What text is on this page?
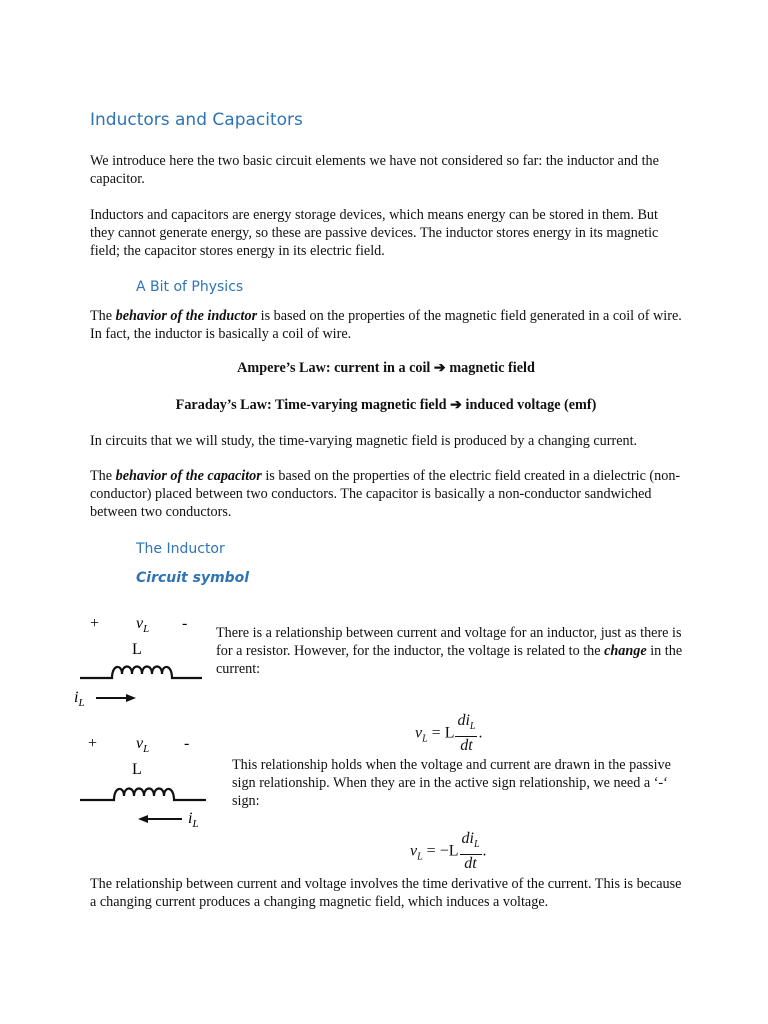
Inductors and Capacitors

We introduce here the two basic circuit elements we have not considered so far: the inductor and the capacitor.

Inductors and capacitors are energy storage devices, which means energy can be stored in them. But they cannot generate energy, so these are passive devices. The inductor stores energy in its magnetic field; the capacitor stores energy in its electric field.

A Bit of Physics

The behavior of the inductor is based on the properties of the magnetic field generated in a coil of wire. In fact, the inductor is basically a coil of wire.

Ampere’s Law: current in a coil ➔ magnetic field

Faraday’s Law: Time-varying magnetic field ➔ induced voltage (emf)

In circuits that we will study, the time-varying magnetic field is produced by a changing current.

The behavior of the capacitor is based on the properties of the electric field created in a dielectric (non-conductor) placed between two conductors. The capacitor is basically a non-conductor sandwiched between two conductors.

The Inductor
Circuit symbol
+ $v_L$ -
L
$i_L$

There is a relationship between current and voltage for an inductor, just as there is for a resistor. However, for the inductor, the voltage is related to the change in the current:

$v_L = L \frac{di_L}{dt}$ .
+ $v_L$ -
L
$i_L$

This relationship holds when the voltage and current are drawn in the passive sign relationship. When they are in the active sign relationship, we need a ‘-‘ sign:

$v_L = -L \frac{di_L}{dt}$ .

The relationship between current and voltage involves the time derivative of the current. This is because a changing current produces a changing magnetic field, which induces a voltage.
